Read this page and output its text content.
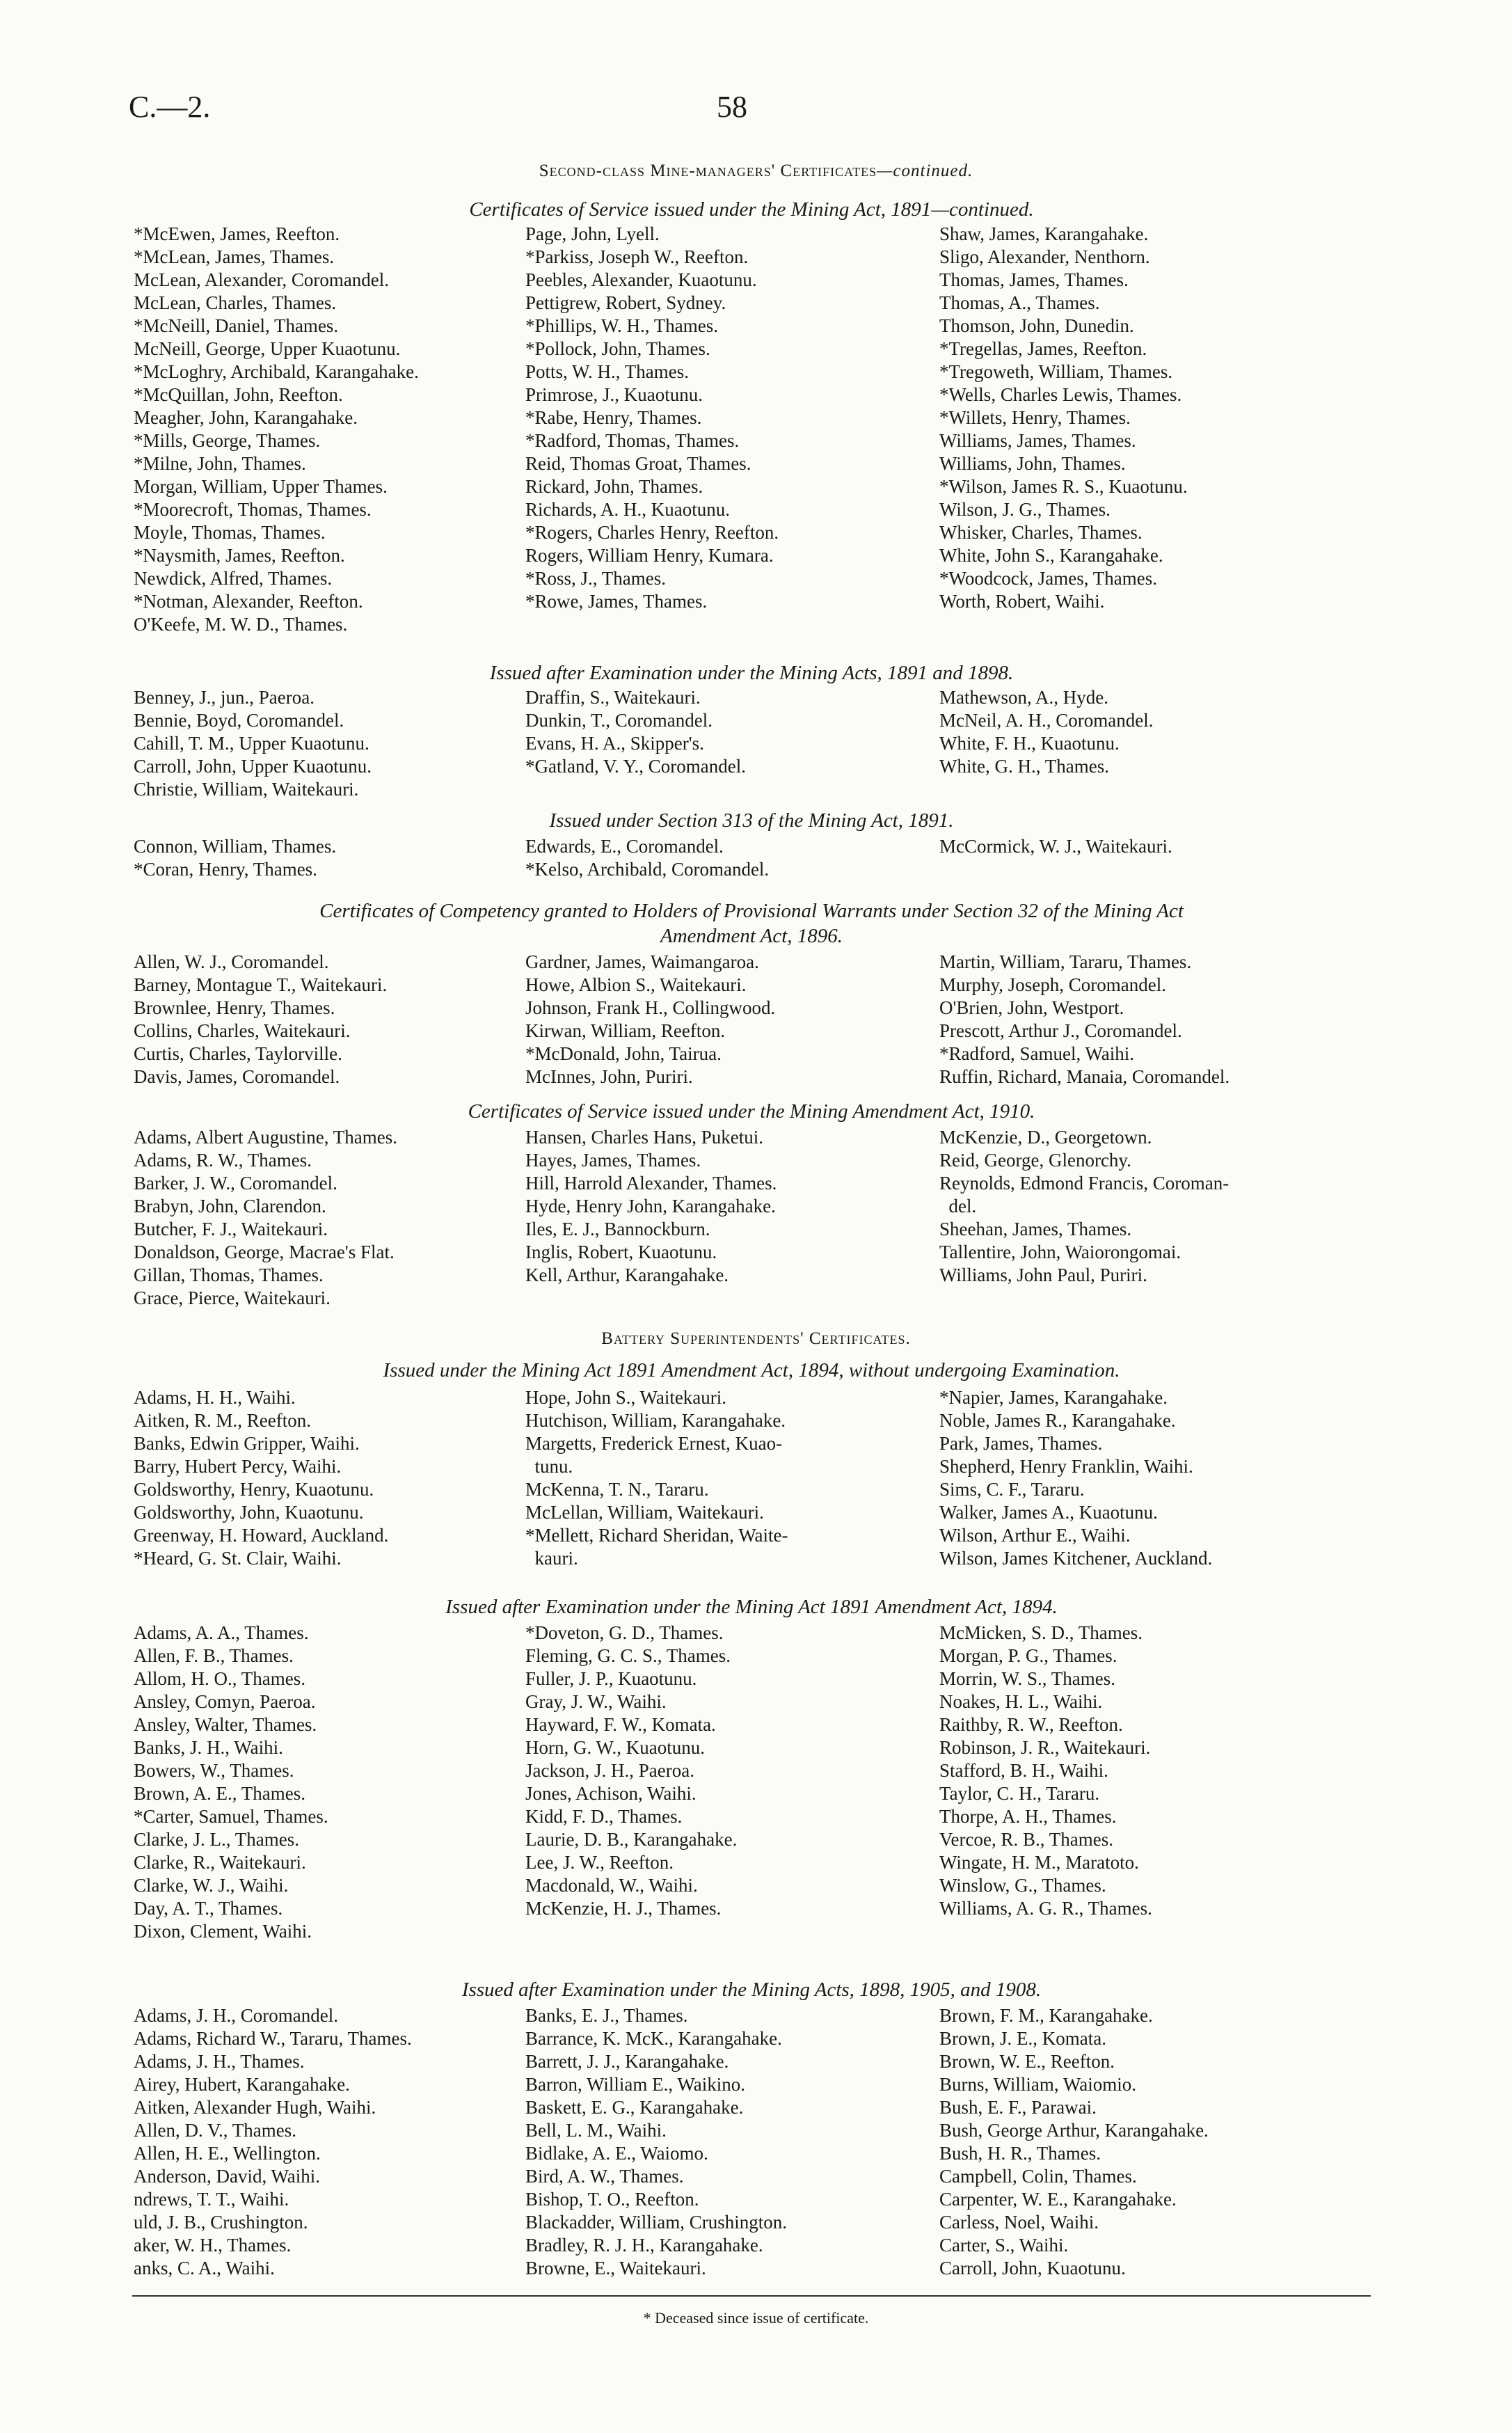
C.—2.	58
Second-class Mine-managers' Certificates—continued.
Certificates of Service issued under the Mining Act, 1891—continued.
*McEwen, James, Reefton.
*McLean, James, Thames.
McLean, Alexander, Coromandel.
McLean, Charles, Thames.
*McNeill, Daniel, Thames.
McNeill, George, Upper Kuaotunu.
*McLoghry, Archibald, Karangahake.
*McQuillan, John, Reefton.
Meagher, John, Karangahake.
*Mills, George, Thames.
*Milne, John, Thames.
Morgan, William, Upper Thames.
*Moorecroft, Thomas, Thames.
Moyle, Thomas, Thames.
*Naysmith, James, Reefton.
Newdick, Alfred, Thames.
*Notman, Alexander, Reefton.
O'Keefe, M. W. D., Thames.
Page, John, Lyell.
*Parkiss, Joseph W., Reefton.
Peebles, Alexander, Kuaotunu.
Pettigrew, Robert, Sydney.
*Phillips, W. H., Thames.
*Pollock, John, Thames.
Potts, W. H., Thames.
Primrose, J., Kuaotunu.
*Rabe, Henry, Thames.
*Radford, Thomas, Thames.
Reid, Thomas Groat, Thames.
Rickard, John, Thames.
Richards, A. H., Kuaotunu.
*Rogers, Charles Henry, Reefton.
Rogers, William Henry, Kumara.
*Ross, J., Thames.
*Rowe, James, Thames.
Shaw, James, Karangahake.
Sligo, Alexander, Nenthorn.
Thomas, James, Thames.
Thomas, A., Thames.
Thomson, John, Dunedin.
*Tregellas, James, Reefton.
*Tregoweth, William, Thames.
*Wells, Charles Lewis, Thames.
*Willets, Henry, Thames.
Williams, James, Thames.
Williams, John, Thames.
*Wilson, James R. S., Kuaotunu.
Wilson, J. G., Thames.
Whisker, Charles, Thames.
White, John S., Karangahake.
*Woodcock, James, Thames.
Worth, Robert, Waihi.
Issued after Examination under the Mining Acts, 1891 and 1898.
Benney, J., jun., Paeroa.
Bennie, Boyd, Coromandel.
Cahill, T. M., Upper Kuaotunu.
Carroll, John, Upper Kuaotunu.
Christie, William, Waitekauri.
Draffin, S., Waitekauri.
Dunkin, T., Coromandel.
Evans, H. A., Skipper's.
*Gatland, V. Y., Coromandel.
Mathewson, A., Hyde.
McNeil, A. H., Coromandel.
White, F. H., Kuaotunu.
White, G. H., Thames.
Issued under Section 313 of the Mining Act, 1891.
Connon, William, Thames.
*Coran, Henry, Thames.
Edwards, E., Coromandel.
*Kelso, Archibald, Coromandel.
McCormick, W. J., Waitekauri.
Certificates of Competency granted to Holders of Provisional Warrants under Section 32 of the Mining Act
Amendment Act, 1896.
Allen, W. J., Coromandel.
Barney, Montague T., Waitekauri.
Brownlee, Henry, Thames.
Collins, Charles, Waitekauri.
Curtis, Charles, Taylorville.
Davis, James, Coromandel.
Gardner, James, Waimangaroa.
Howe, Albion S., Waitekauri.
Johnson, Frank H., Collingwood.
Kirwan, William, Reefton.
*McDonald, John, Tairua.
McInnes, John, Puriri.
Martin, William, Tararu, Thames.
Murphy, Joseph, Coromandel.
O'Brien, John, Westport.
Prescott, Arthur J., Coromandel.
*Radford, Samuel, Waihi.
Ruffin, Richard, Manaia, Coromandel.
Certificates of Service issued under the Mining Amendment Act, 1910.
Adams, Albert Augustine, Thames.
Adams, R. W., Thames.
Barker, J. W., Coromandel.
Brabyn, John, Clarendon.
Butcher, F. J., Waitekauri.
Donaldson, George, Macrae's Flat.
Gillan, Thomas, Thames.
Grace, Pierce, Waitekauri.
Hansen, Charles Hans, Puketui.
Hayes, James, Thames.
Hill, Harrold Alexander, Thames.
Hyde, Henry John, Karangahake.
Iles, E. J., Bannockburn.
Inglis, Robert, Kuaotunu.
Kell, Arthur, Karangahake.
McKenzie, D., Georgetown.
Reid, George, Glenorchy.
Reynolds, Edmond Francis, Coroman-
del.
Sheehan, James, Thames.
Tallentire, John, Waiorongomai.
Williams, John Paul, Puriri.
Battery Superintendents' Certificates.
Issued under the Mining Act 1891 Amendment Act, 1894, without undergoing Examination.
Adams, H. H., Waihi.
Aitken, R. M., Reefton.
Banks, Edwin Gripper, Waihi.
Barry, Hubert Percy, Waihi.
Goldsworthy, Henry, Kuaotunu.
Goldsworthy, John, Kuaotunu.
Greenway, H. Howard, Auckland.
*Heard, G. St. Clair, Waihi.
Hope, John S., Waitekauri.
Hutchison, William, Karangahake.
Margetts, Frederick Ernest, Kuao-
tunu.
McKenna, T. N., Tararu.
McLellan, William, Waitekauri.
*Mellett, Richard Sheridan, Waite-
kauri.
*Napier, James, Karangahake.
Noble, James R., Karangahake.
Park, James, Thames.
Shepherd, Henry Franklin, Waihi.
Sims, C. F., Tararu.
Walker, James A., Kuaotunu.
Wilson, Arthur E., Waihi.
Wilson, James Kitchener, Auckland.
Issued after Examination under the Mining Act 1891 Amendment Act, 1894.
Adams, A. A., Thames.
Allen, F. B., Thames.
Allom, H. O., Thames.
Ansley, Comyn, Paeroa.
Ansley, Walter, Thames.
Banks, J. H., Waihi.
Bowers, W., Thames.
Brown, A. E., Thames.
*Carter, Samuel, Thames.
Clarke, J. L., Thames.
Clarke, R., Waitekauri.
Clarke, W. J., Waihi.
Day, A. T., Thames.
Dixon, Clement, Waihi.
*Doveton, G. D., Thames.
Fleming, G. C. S., Thames.
Fuller, J. P., Kuaotunu.
Gray, J. W., Waihi.
Hayward, F. W., Komata.
Horn, G. W., Kuaotunu.
Jackson, J. H., Paeroa.
Jones, Achison, Waihi.
Kidd, F. D., Thames.
Laurie, D. B., Karangahake.
Lee, J. W., Reefton.
Macdonald, W., Waihi.
McKenzie, H. J., Thames.
McMicken, S. D., Thames.
Morgan, P. G., Thames.
Morrin, W. S., Thames.
Noakes, H. L., Waihi.
Raithby, R. W., Reefton.
Robinson, J. R., Waitekauri.
Stafford, B. H., Waihi.
Taylor, C. H., Tararu.
Thorpe, A. H., Thames.
Vercoe, R. B., Thames.
Wingate, H. M., Maratoto.
Winslow, G., Thames.
Williams, A. G. R., Thames.
Issued after Examination under the Mining Acts, 1898, 1905, and 1908.
Adams, J. H., Coromandel.
Adams, Richard W., Tararu, Thames.
Adams, J. H., Thames.
Airey, Hubert, Karangahake.
Aitken, Alexander Hugh, Waihi.
Allen, D. V., Thames.
Allen, H. E., Wellington.
Anderson, David, Waihi.
ndrews, T. T., Waihi.
uld, J. B., Crushington.
aker, W. H., Thames.
anks, C. A., Waihi.
Banks, E. J., Thames.
Barrance, K. McK., Karangahake.
Barrett, J. J., Karangahake.
Barron, William E., Waikino.
Baskett, E. G., Karangahake.
Bell, L. M., Waihi.
Bidlake, A. E., Waiomo.
Bird, A. W., Thames.
Bishop, T. O., Reefton.
Blackadder, William, Crushington.
Bradley, R. J. H., Karangahake.
Browne, E., Waitekauri.
Brown, F. M., Karangahake.
Brown, J. E., Komata.
Brown, W. E., Reefton.
Burns, William, Waiomio.
Bush, E. F., Parawai.
Bush, George Arthur, Karangahake.
Bush, H. R., Thames.
Campbell, Colin, Thames.
Carpenter, W. E., Karangahake.
Carless, Noel, Waihi.
Carter, S., Waihi.
Carroll, John, Kuaotunu.
* Deceased since issue of certificate.
